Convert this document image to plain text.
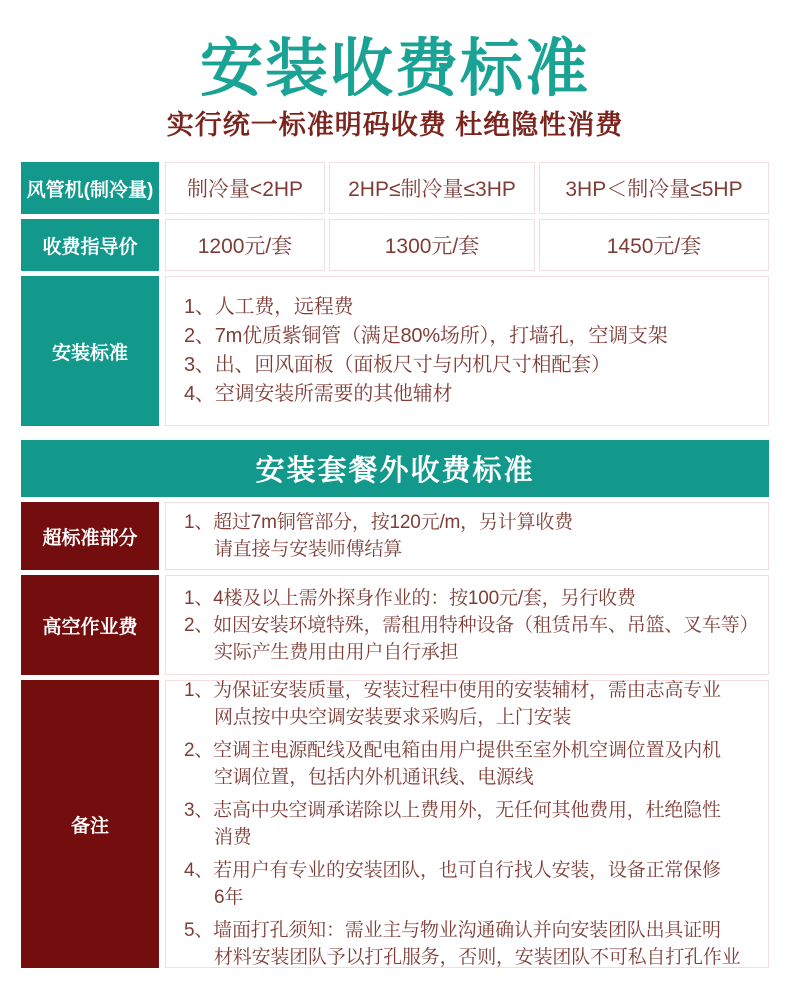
安装收费标准
实行统一标准明码收费 杜绝隐性消费
风管机(制冷量)	制冷量<2HP	2HP≤制冷量≤3HP	3HP＜制冷量≤5HP
收费指导价	1200元/套	1300元/套	1450元/套
安装标准
1、人工费，远程费
2、7m优质紫铜管（满足80%场所），打墙孔，空调支架
3、出、回风面板（面板尺寸与内机尺寸相配套）
4、空调安装所需要的其他辅材
安装套餐外收费标准
超标准部分
1、超过7m铜管部分，按120元/m，另计算收费
请直接与安装师傅结算
高空作业费
1、4楼及以上需外探身作业的：按100元/套，另行收费
2、如因安装环境特殊，需租用特种设备（租赁吊车、吊篮、叉车等）
实际产生费用由用户自行承担
备注
1、为保证安装质量，安装过程中使用的安装辅材，需由志高专业
网点按中央空调安装要求采购后，上门安装
2、空调主电源配线及配电箱由用户提供至室外机空调位置及内机
空调位置，包括内外机通讯线、电源线
3、志高中央空调承诺除以上费用外，无任何其他费用，杜绝隐性
消费
4、若用户有专业的安装团队，也可自行找人安装，设备正常保修
6年
5、墙面打孔须知：需业主与物业沟通确认并向安装团队出具证明
材料安装团队予以打孔服务，否则，安装团队不可私自打孔作业
